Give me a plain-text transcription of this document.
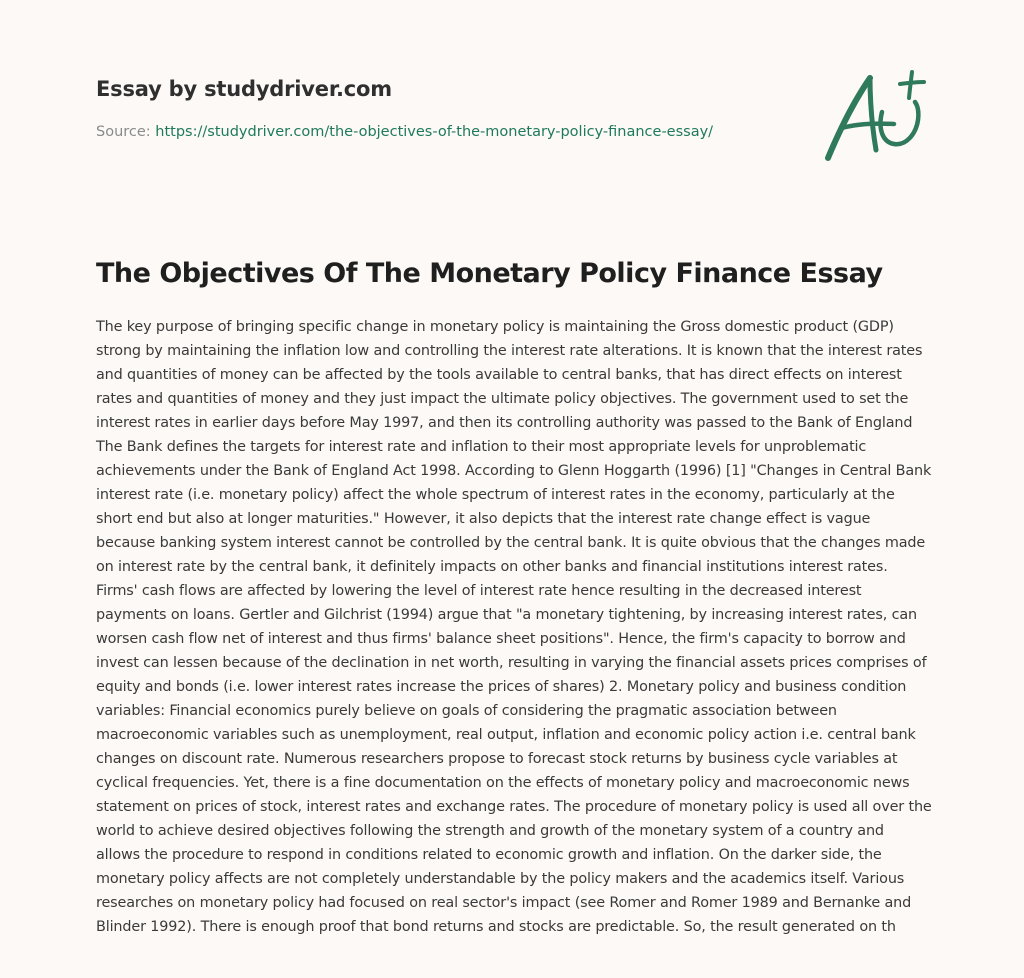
Essay by studydriver.com
Source: https://studydriver.com/the-objectives-of-the-monetary-policy-finance-essay/
The Objectives Of The Monetary Policy Finance Essay

The key purpose of bringing specific change in monetary policy is maintaining the Gross domestic product (GDP) strong by maintaining the inflation low and controlling the interest rate alterations. It is known that the interest rates and quantities of money can be affected by the tools available to central banks, that has direct effects on interest rates and quantities of money and they just impact the ultimate policy objectives. The government used to set the interest rates in earlier days before May 1997, and then its controlling authority was passed to the Bank of England The Bank defines the targets for interest rate and inflation to their most appropriate levels for unproblematic achievements under the Bank of England Act 1998. According to Glenn Hoggarth (1996) [1] "Changes in Central Bank interest rate (i.e. monetary policy) affect the whole spectrum of interest rates in the economy, particularly at the short end but also at longer maturities." However, it also depicts that the interest rate change effect is vague because banking system interest cannot be controlled by the central bank. It is quite obvious that the changes made on interest rate by the central bank, it definitely impacts on other banks and financial institutions interest rates. Firms' cash flows are affected by lowering the level of interest rate hence resulting in the decreased interest payments on loans. Gertler and Gilchrist (1994) argue that "a monetary tightening, by increasing interest rates, can worsen cash flow net of interest and thus firms' balance sheet positions". Hence, the firm's capacity to borrow and invest can lessen because of the declination in net worth, resulting in varying the financial assets prices comprises of equity and bonds (i.e. lower interest rates increase the prices of shares) 2. Monetary policy and business condition variables: Financial economics purely believe on goals of considering the pragmatic association between macroeconomic variables such as unemployment, real output, inflation and economic policy action i.e. central bank changes on discount rate. Numerous researchers propose to forecast stock returns by business cycle variables at cyclical frequencies. Yet, there is a fine documentation on the effects of monetary policy and macroeconomic news statement on prices of stock, interest rates and exchange rates. The procedure of monetary policy is used all over the world to achieve desired objectives following the strength and growth of the monetary system of a country and allows the procedure to respond in conditions related to economic growth and inflation. On the darker side, the monetary policy affects are not completely understandable by the policy makers and the academics itself. Various researches on monetary policy had focused on real sector's impact (see Romer and Romer 1989 and Bernanke and Blinder 1992). There is enough proof that bond returns and stocks are predictable. So, the result generated on th
